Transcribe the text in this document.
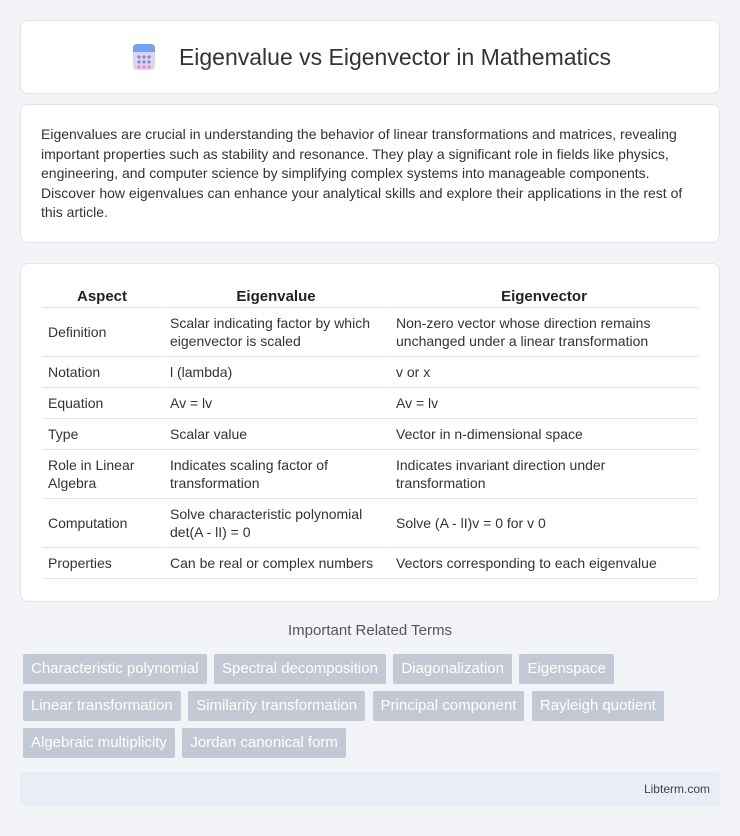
Eigenvalue vs Eigenvector in Mathematics

Eigenvalues are crucial in understanding the behavior of linear transformations and matrices, revealing important properties such as stability and resonance. They play a significant role in fields like physics, engineering, and computer science by simplifying complex systems into manageable components. Discover how eigenvalues can enhance your analytical skills and explore their applications in the rest of this article.

Aspect	Eigenvalue	Eigenvector
Definition	Scalar indicating factor by which eigenvector is scaled	Non-zero vector whose direction remains unchanged under a linear transformation
Notation	l (lambda)	v or x
Equation	Av = lv	Av = lv
Type	Scalar value	Vector in n-dimensional space
Role in Linear Algebra	Indicates scaling factor of transformation	Indicates invariant direction under transformation
Computation	Solve characteristic polynomial det(A - lI) = 0	Solve (A - lI)v = 0 for v 0
Properties	Can be real or complex numbers	Vectors corresponding to each eigenvalue
Important Related Terms
Characteristic polynomial Spectral decomposition Diagonalization Eigenspace Linear transformation Similarity transformation Principal component Rayleigh quotient Algebraic multiplicity Jordan canonical form
Libterm.com
